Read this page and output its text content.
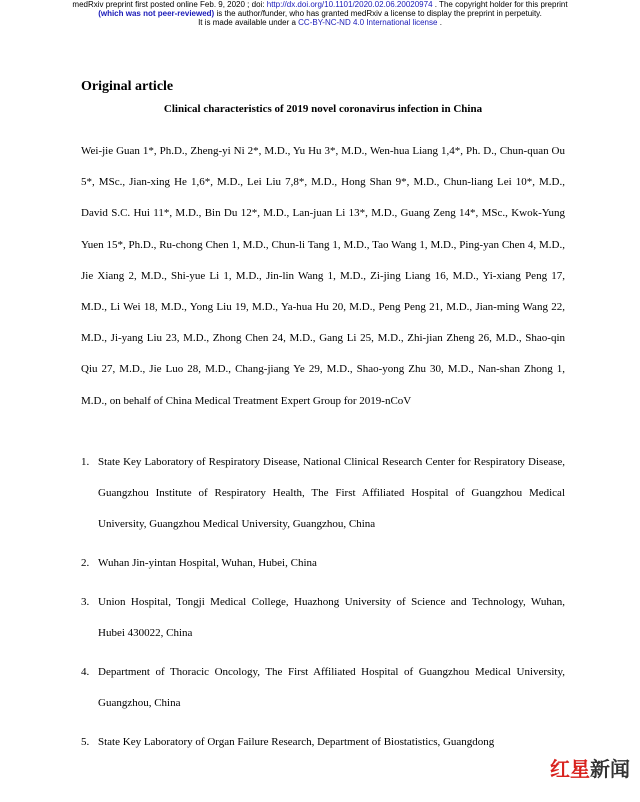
medRxiv preprint first posted online Feb. 9, 2020 ; doi: http://dx.doi.org/10.1101/2020.02.06.20020974 . The copyright holder for this preprint
(which was not peer-reviewed) is the author/funder, who has granted medRxiv a license to display the preprint in perpetuity.
It is made available under a CC-BY-NC-ND 4.0 International license .
Original article
Clinical characteristics of 2019 novel coronavirus infection in China

Wei-jie Guan 1*, Ph.D., Zheng-yi Ni 2*, M.D., Yu Hu 3*, M.D., Wen-hua Liang 1,4*, Ph. D., Chun-quan Ou 5*, MSc., Jian-xing He 1,6*, M.D., Lei Liu 7,8*, M.D., Hong Shan 9*, M.D., Chun-liang Lei 10*, M.D., David S.C. Hui 11*, M.D., Bin Du 12*, M.D., Lan-juan Li 13*, M.D., Guang Zeng 14*, MSc., Kwok-Yung Yuen 15*, Ph.D., Ru-chong Chen 1, M.D., Chun-li Tang 1, M.D., Tao Wang 1, M.D., Ping-yan Chen 4, M.D., Jie Xiang 2, M.D., Shi-yue Li 1, M.D., Jin-lin Wang 1, M.D., Zi-jing Liang 16, M.D., Yi-xiang Peng 17, M.D., Li Wei 18, M.D., Yong Liu 19, M.D., Ya-hua Hu 20, M.D., Peng Peng 21, M.D., Jian-ming Wang 22, M.D., Ji-yang Liu 23, M.D., Zhong Chen 24, M.D., Gang Li 25, M.D., Zhi-jian Zheng 26, M.D., Shao-qin Qiu 27, M.D., Jie Luo 28, M.D., Chang-jiang Ye 29, M.D., Shao-yong Zhu 30, M.D., Nan-shan Zhong 1, M.D., on behalf of China Medical Treatment Expert Group for 2019-nCoV

1. State Key Laboratory of Respiratory Disease, National Clinical Research Center for Respiratory Disease, Guangzhou Institute of Respiratory Health, The First Affiliated Hospital of Guangzhou Medical University, Guangzhou Medical University, Guangzhou, China
2. Wuhan Jin-yintan Hospital, Wuhan, Hubei, China
3. Union Hospital, Tongji Medical College, Huazhong University of Science and Technology, Wuhan, Hubei 430022, China
4. Department of Thoracic Oncology, The First Affiliated Hospital of Guangzhou Medical University, Guangzhou, China
5. State Key Laboratory of Organ Failure Research, Department of Biostatistics, Guangdong
红星 新闻
